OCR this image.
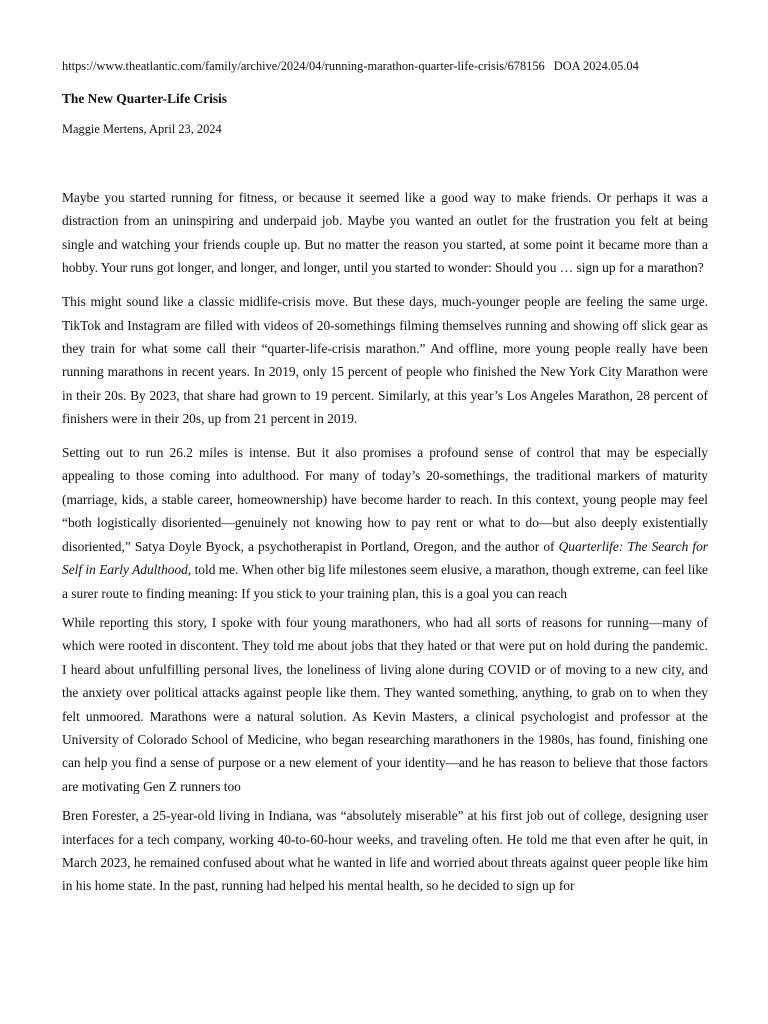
https://www.theatlantic.com/family/archive/2024/04/running-marathon-quarter-life-crisis/678156 DOA 2024.05.04
The New Quarter-Life Crisis
Maggie Mertens, April 23, 2024

Maybe you started running for fitness, or because it seemed like a good way to make friends. Or perhaps it was a distraction from an uninspiring and underpaid job. Maybe you wanted an outlet for the frustration you felt at being single and watching your friends couple up. But no matter the reason you started, at some point it became more than a hobby. Your runs got longer, and longer, and longer, until you started to wonder: Should you … sign up for a marathon?

This might sound like a classic midlife-crisis move. But these days, much-younger people are feeling the same urge. TikTok and Instagram are filled with videos of 20-somethings filming themselves running and showing off slick gear as they train for what some call their “quarter-life-crisis marathon.” And offline, more young people really have been running marathons in recent years. In 2019, only 15 percent of people who finished the New York City Marathon were in their 20s. By 2023, that share had grown to 19 percent. Similarly, at this year’s Los Angeles Marathon, 28 percent of finishers were in their 20s, up from 21 percent in 2019.

Setting out to run 26.2 miles is intense. But it also promises a profound sense of control that may be especially appealing to those coming into adulthood. For many of today’s 20-somethings, the traditional markers of maturity (marriage, kids, a stable career, homeownership) have become harder to reach. In this context, young people may feel “both logistically disoriented—genuinely not knowing how to pay rent or what to do—but also deeply existentially disoriented,” Satya Doyle Byock, a psychotherapist in Portland, Oregon, and the author of Quarterlife: The Search for Self in Early Adulthood, told me. When other big life milestones seem elusive, a marathon, though extreme, can feel like a surer route to finding meaning: If you stick to your training plan, this is a goal you can reach

While reporting this story, I spoke with four young marathoners, who had all sorts of reasons for running—many of which were rooted in discontent. They told me about jobs that they hated or that were put on hold during the pandemic. I heard about unfulfilling personal lives, the loneliness of living alone during COVID or of moving to a new city, and the anxiety over political attacks against people like them. They wanted something, anything, to grab on to when they felt unmoored. Marathons were a natural solution. As Kevin Masters, a clinical psychologist and professor at the University of Colorado School of Medicine, who began researching marathoners in the 1980s, has found, finishing one can help you find a sense of purpose or a new element of your identity—and he has reason to believe that those factors are motivating Gen Z runners too

Bren Forester, a 25-year-old living in Indiana, was “absolutely miserable” at his first job out of college, designing user interfaces for a tech company, working 40-to-60-hour weeks, and traveling often. He told me that even after he quit, in March 2023, he remained confused about what he wanted in life and worried about threats against queer people like him in his home state. In the past, running had helped his mental health, so he decided to sign up for
